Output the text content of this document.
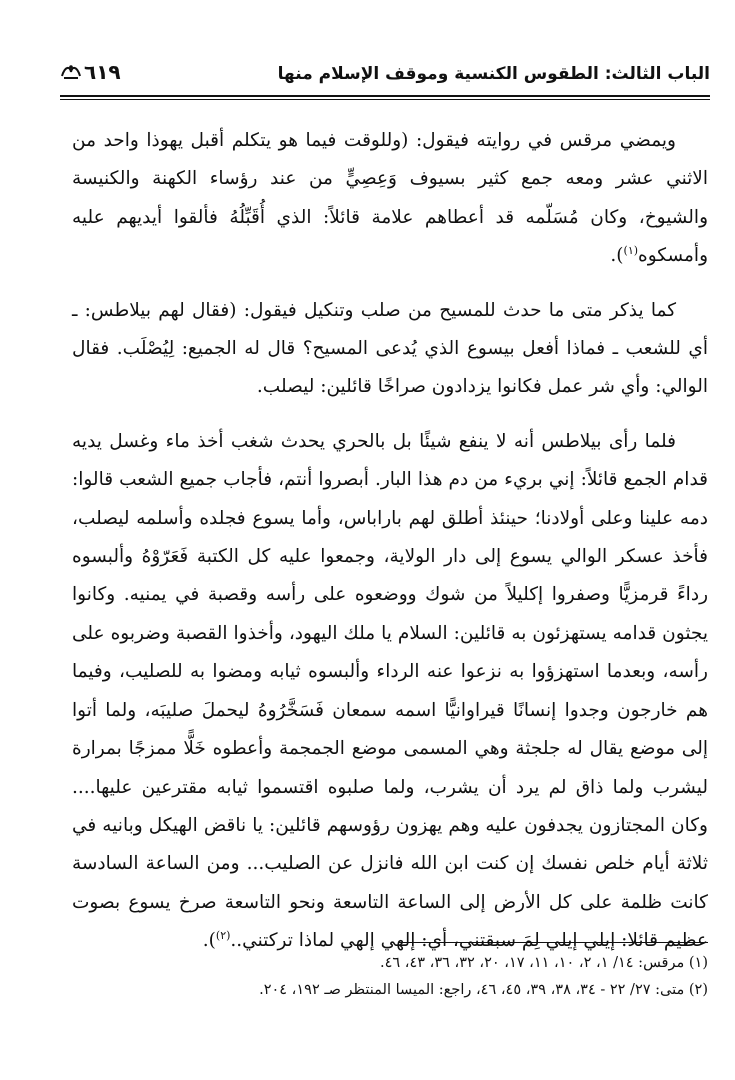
الباب الثالث: الطقوس الكنسية وموقف الإسلام منها
٦١٩

ويمضي مرقس في روايته فيقول: (وللوقت فيما هو يتكلم أقبل يهوذا واحد من الاثني عشر ومعه جمع كثير بسيوف وَعِصِيٍّ من عند رؤساء الكهنة والكنيسة والشيوخ، وكان مُسَلّمه قد أعطاهم علامة قائلاً: الذي أُقَبِّلُهُ فألقوا أيديهم عليه وأمسكوه$^{(١)}$).

كما يذكر متى ما حدث للمسيح من صلب وتنكيل فيقول: (فقال لهم بيلاطس: ـ أي للشعب ـ فماذا أفعل بيسوع الذي يُدعى المسيح؟ قال له الجميع: لِيُصْلَب. فقال الوالي: وأي شر عمل فكانوا يزدادون صراخًا قائلين: ليصلب.

فلما رأى بيلاطس أنه لا ينفع شيئًا بل بالحري يحدث شغب أخذ ماء وغسل يديه قدام الجمع قائلاً: إني بريء من دم هذا البار. أبصروا أنتم، فأجاب جميع الشعب قالوا: دمه علينا وعلى أولادنا؛ حينئذ أطلق لهم باراباس، وأما يسوع فجلده وأسلمه ليصلب، فأخذ عسكر الوالي يسوع إلى دار الولاية، وجمعوا عليه كل الكتبة فَعَرّوْهُ وألبسوه رداءً قرمزيًّا وصفروا إكليلاً من شوك ووضعوه على رأسه وقصبة في يمنيه. وكانوا يجثون قدامه يستهزئون به قائلين: السلام يا ملك اليهود، وأخذوا القصبة وضربوه على رأسه، وبعدما استهزؤوا به نزعوا عنه الرداء وألبسوه ثيابه ومضوا به للصليب، وفيما هم خارجون وجدوا إنسانًا قيراوانيًّا اسمه سمعان فَسَخَّرُوهُ ليحملَ صليبَه، ولما أتوا إلى موضع يقال له جلجثة وهي المسمى موضع الجمجمة وأعطوه خَلًّا ممزجًا بمرارة ليشرب ولما ذاق لم يرد أن يشرب، ولما صلبوه اقتسموا ثيابه مقترعين عليها.... وكان المجتازون يجدفون عليه وهم يهزون رؤوسهم قائلين: يا ناقض الهيكل وبانيه في ثلاثة أيام خلص نفسك إن كنت ابن الله فانزل عن الصليب... ومن الساعة السادسة كانت ظلمة على كل الأرض إلى الساعة التاسعة ونحو التاسعة صرخ يسوع بصوت عظيم قائلا: إيلي إيلي لِمَ سبقتني، أي: إلهي إلهي لماذا تركتني..$^{(٢)}$).

(١) مرقس: ١٤/ ١، ٢، ١٠، ١١، ١٧، ٢٠، ٣٢، ٣٦، ٤٣، ٤٦.
(٢) متى: ٢٧/ ٢٢ - ٣٤، ٣٨، ٣٩، ٤٥، ٤٦، راجع: الميسا المنتظر صـ ١٩٢، ٢٠٤.
